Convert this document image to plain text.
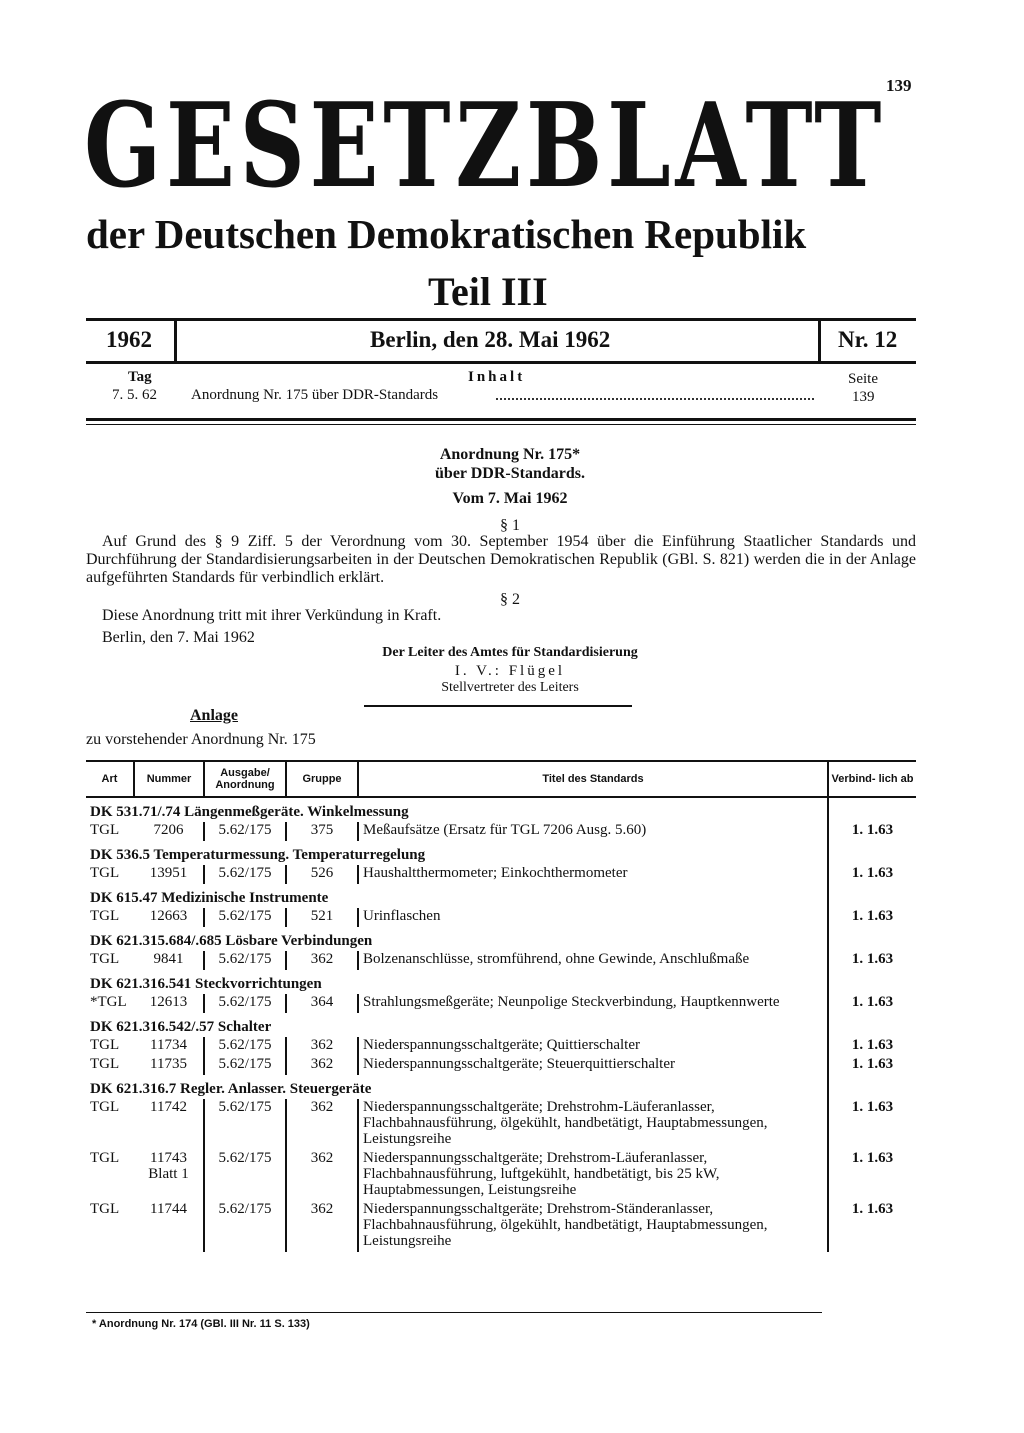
139
GESETZBLATT
der Deutschen Demokratischen Republik
Teil III
1962	Berlin, den 28. Mai 1962	Nr. 12
Tag	Inhalt	Seite
7. 5. 62 Anordnung Nr. 175 über DDR-Standards	139
Anordnung Nr. 175*
über DDR-Standards.
Vom 7. Mai 1962
§ 1
Auf Grund des § 9 Ziff. 5 der Verordnung vom 30. September 1954 über die Einführung Staatlicher Standards und Durchführung der Standardisierungsarbeiten in der Deutschen Demokratischen Republik (GBl. S. 821) werden die in der Anlage aufgeführten Standards für verbindlich erklärt.
§ 2
Diese Anordnung tritt mit ihrer Verkündung in Kraft.
Berlin, den 7. Mai 1962
Der Leiter des Amtes für Standardisierung
I. V.: Flügel
Stellvertreter des Leiters
Anlage
zu vorstehender Anordnung Nr. 175
Art	Nummer	Ausgabe/ Anordnung	Gruppe	Titel des Standards	Verbind- lich ab
DK 531.71/.74 Längenmeßgeräte. Winkelmessung					
TGL	7206	5.62/175	375	Meßaufsätze (Ersatz für TGL 7206 Ausg. 5.60)	1. 1.63
DK 536.5 Temperaturmessung. Temperaturregelung					
TGL	13951	5.62/175	526	Haushaltthermometer; Einkochthermometer	1. 1.63
DK 615.47 Medizinische Instrumente					
TGL	12663	5.62/175	521	Urinflaschen	1. 1.63
DK 621.315.684/.685 Lösbare Verbindungen					
TGL	9841	5.62/175	362	Bolzenanschlüsse, stromführend, ohne Gewinde, Anschlußmaße	1. 1.63
DK 621.316.541 Steckvorrichtungen					
*TGL	12613	5.62/175	364	Strahlungsmeßgeräte; Neunpolige Steckverbindung, Hauptkennwerte	1. 1.63
DK 621.316.542/.57 Schalter					
TGL	11734	5.62/175	362	Niederspannungsschaltgeräte; Quittierschalter	1. 1.63
TGL	11735	5.62/175	362	Niederspannungsschaltgeräte; Steuerquittierschalter	1. 1.63
DK 621.316.7 Regler. Anlasser. Steuergeräte					
TGL	11742	5.62/175	362	Niederspannungsschaltgeräte; Drehstrohm-Läuferanlasser, Flachbahnausführung, ölgekühlt, handbetätigt, Hauptabmessungen, Leistungsreihe	1. 1.63
TGL	11743 Blatt 1	5.62/175	362	Niederspannungsschaltgeräte; Drehstrom-Läuferanlasser, Flachbahnausführung, luftgekühlt, handbetätigt, bis 25 kW, Hauptabmessungen, Leistungsreihe	1. 1.63
TGL	11744	5.62/175	362	Niederspannungsschaltgeräte; Drehstrom-Ständeranlasser, Flachbahnausführung, ölgekühlt, handbetätigt, Hauptabmessungen, Leistungsreihe	1. 1.63
* Anordnung Nr. 174 (GBl. III Nr. 11 S. 133)
